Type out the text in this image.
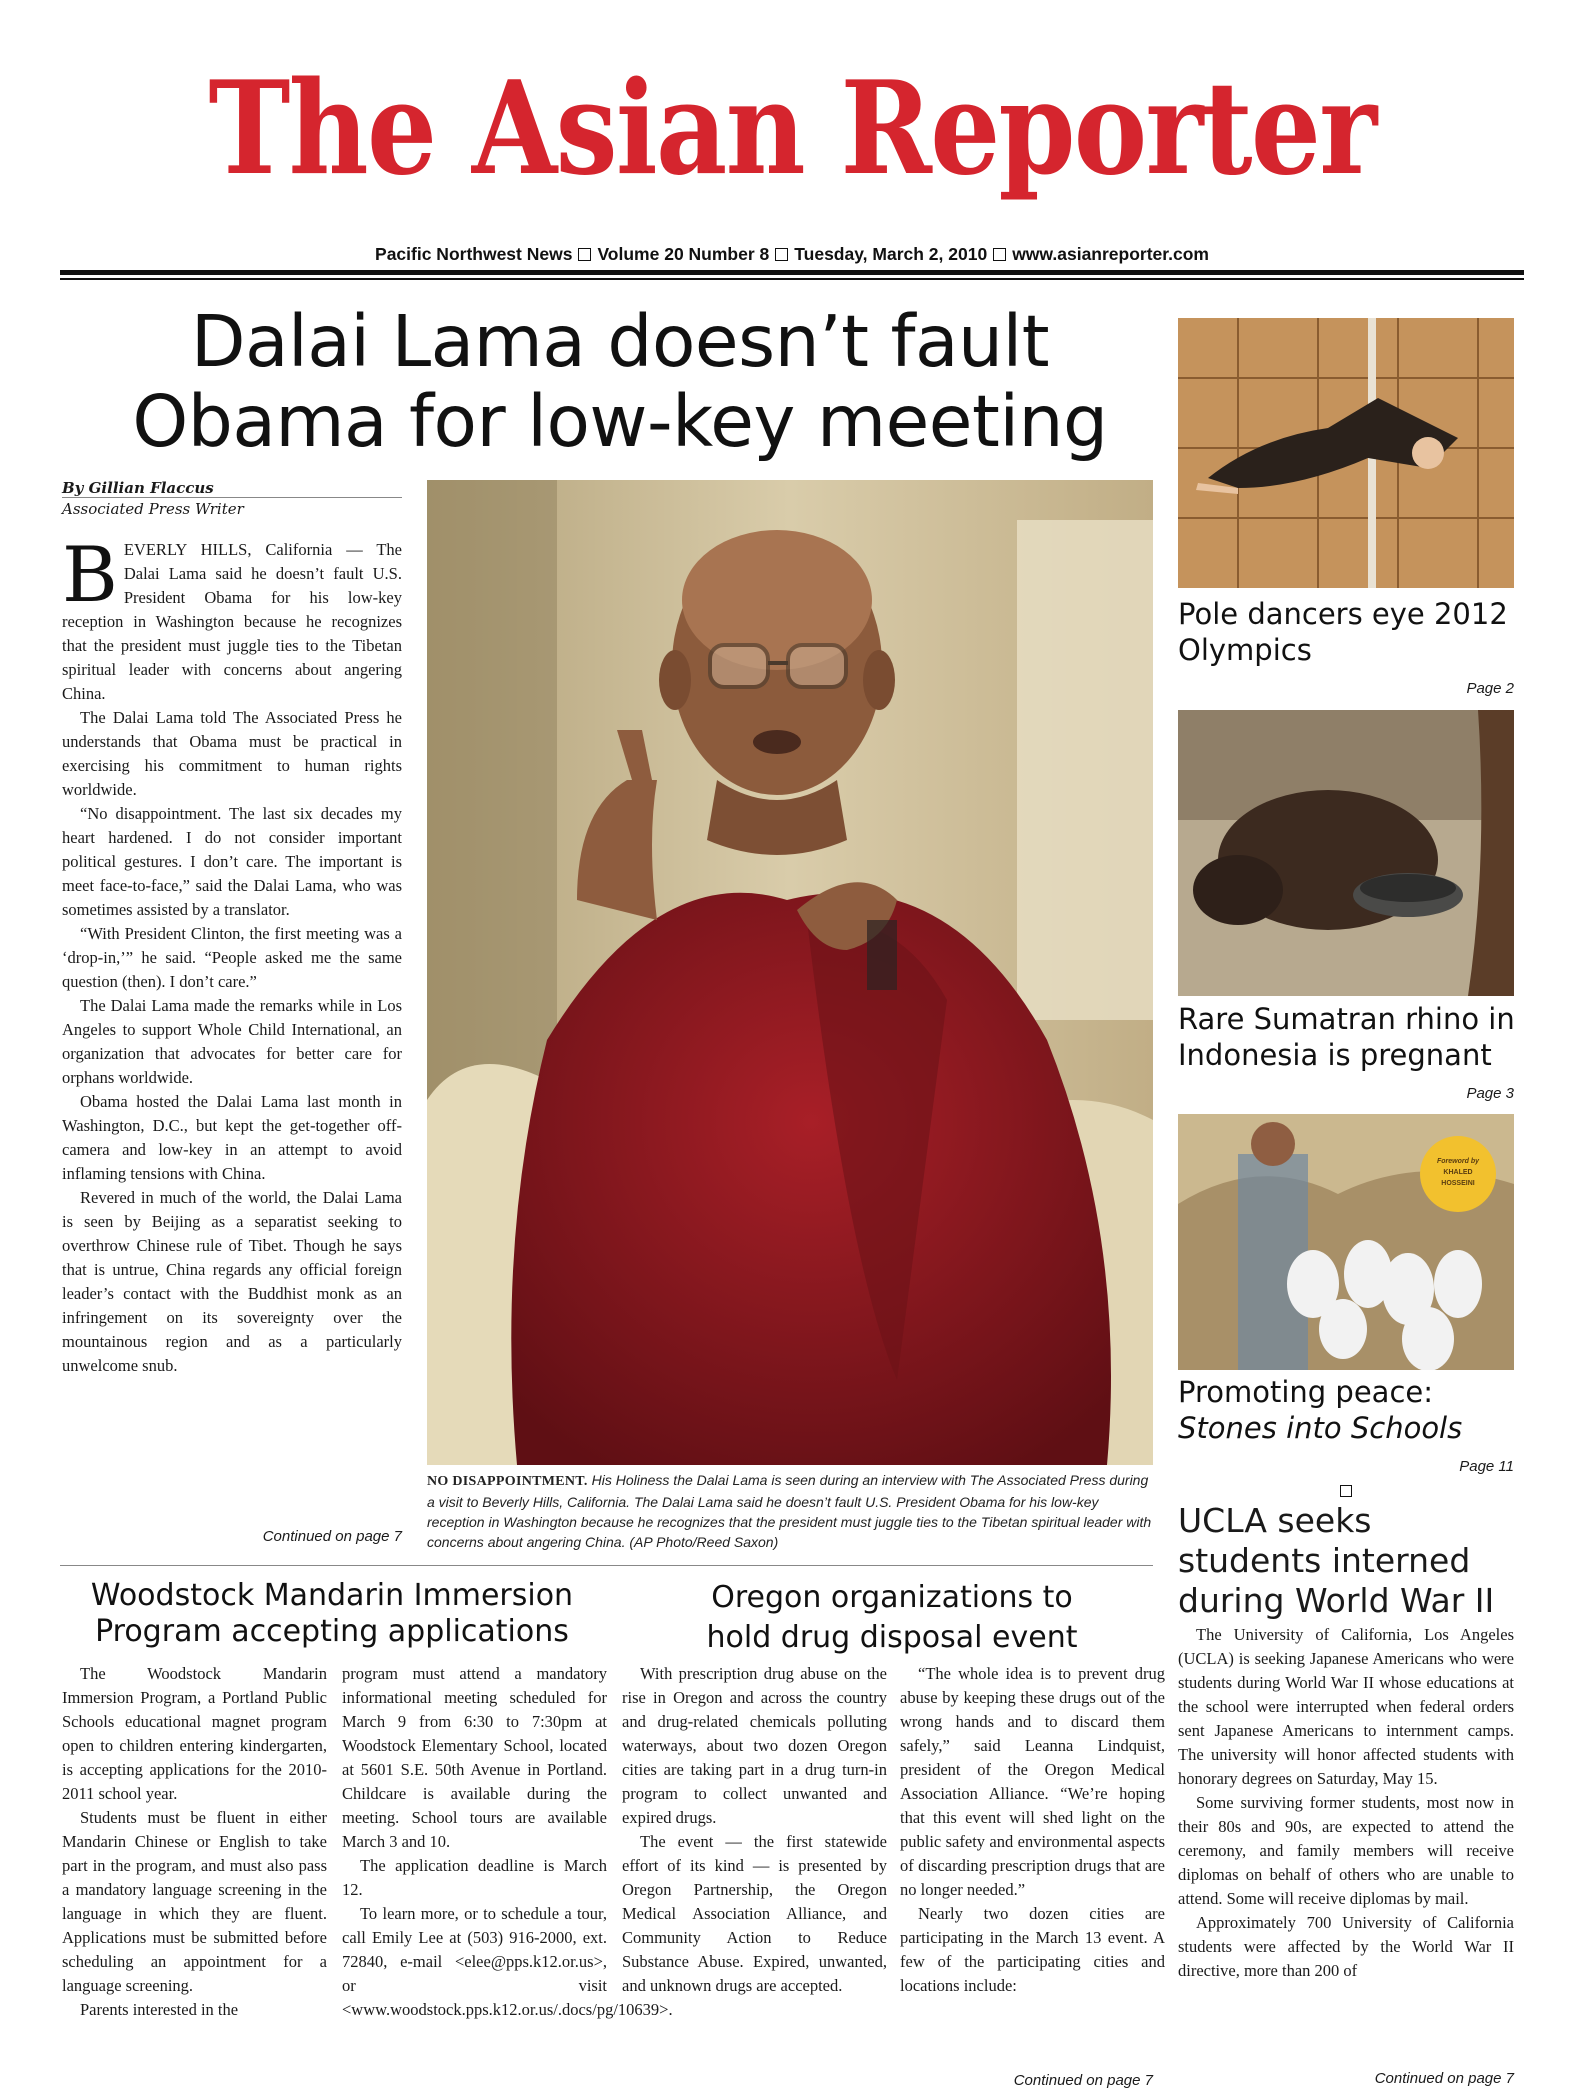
The Asian Reporter
Pacific Northwest News Volume 20 Number 8 Tuesday, March 2, 2010 www.asianreporter.com
Dalai Lama doesn’t fault
Obama for low-key meeting
By Gillian Flaccus
Associated Press Writer

BEVERLY HILLS, California — The Dalai Lama said he doesn’t fault U.S. President Obama for his low-key reception in Washington because he recognizes that the president must juggle ties to the Tibetan spiritual leader with concerns about angering China.

The Dalai Lama told The Associated Press he understands that Obama must be practical in exercising his commitment to human rights worldwide.

“No disappointment. The last six decades my heart hardened. I do not consider important political gestures. I don’t care. The important is meet face-to-face,” said the Dalai Lama, who was sometimes assisted by a translator.

“With President Clinton, the first meeting was a ‘drop-in,’” he said. “People asked me the same question (then). I don’t care.”

The Dalai Lama made the remarks while in Los Angeles to support Whole Child International, an organization that advocates for better care for orphans worldwide.

Obama hosted the Dalai Lama last month in Washington, D.C., but kept the get-together off-camera and low-key in an attempt to avoid inflaming tensions with China.

Revered in much of the world, the Dalai Lama is seen by Beijing as a separatist seeking to overthrow Chinese rule of Tibet. Though he says that is untrue, China regards any official foreign leader’s contact with the Buddhist monk as an infringement on its sovereignty over the mountainous region and as a particularly unwelcome snub.

Continued on page 7
NO DISAPPOINTMENT. His Holiness the Dalai Lama is seen during an interview with The Associated Press during a visit to Beverly Hills, California. The Dalai Lama said he doesn’t fault U.S. President Obama for his low-key reception in Washington because he recognizes that the president must juggle ties to the Tibetan spiritual leader with concerns about angering China. (AP Photo/Reed Saxon)
Pole dancers eye 2012 Olympics
Page 2
Rare Sumatran rhino in Indonesia is pregnant
Page 3
Foreword by
KHALED
HOSSEINI
Promoting peace:
Stones into Schools
Page 11
UCLA seeks students interned during World War II

The University of California, Los Angeles (UCLA) is seeking Japanese Americans who were students during World War II whose educations at the school were interrupted when federal orders sent Japanese Americans to internment camps. The university will honor affected students with honorary degrees on Saturday, May 15.

Some surviving former students, most now in their 80s and 90s, are expected to attend the ceremony, and family members will receive diplomas on behalf of others who are unable to attend. Some will receive diplomas by mail.

Approximately 700 University of California students were affected by the World War II directive, more than 200 of

Continued on page 7
Woodstock Mandarin Immersion
Program accepting applications

The Woodstock Mandarin Immersion Program, a Portland Public Schools educational magnet program open to children entering kindergarten, is accepting applications for the 2010-2011 school year.

Students must be fluent in either Mandarin Chinese or English to take part in the program, and must also pass a mandatory language screening in the language in which they are fluent. Applications must be submitted before scheduling an appointment for a language screening.

Parents interested in the

program must attend a mandatory informational meeting scheduled for March 9 from 6:30 to 7:30pm at Woodstock Elementary School, located at 5601 S.E. 50th Avenue in Portland. Childcare is available during the meeting. School tours are available March 3 and 10.

The application deadline is March 12.

To learn more, or to schedule a tour, call Emily Lee at (503) 916-2000, ext. 72840, e-mail <elee@pps.k12.or.us>, or visit <www.woodstock.pps.k12.or.us/.docs/pg/10639>.

Oregon organizations to
hold drug disposal event

With prescription drug abuse on the rise in Oregon and across the country and drug-related chemicals polluting waterways, about two dozen Oregon cities are taking part in a drug turn-in program to collect unwanted and expired drugs.

The event — the first statewide effort of its kind — is presented by Oregon Partnership, the Oregon Medical Association Alliance, and Community Action to Reduce Substance Abuse. Expired, unwanted, and unknown drugs are accepted.

“The whole idea is to prevent drug abuse by keeping these drugs out of the wrong hands and to discard them safely,” said Leanna Lindquist, president of the Oregon Medical Association Alliance. “We’re hoping that this event will shed light on the public safety and environmental aspects of discarding prescription drugs that are no longer needed.”

Nearly two dozen cities are participating in the March 13 event. A few of the participating cities and locations include:

Continued on page 7
